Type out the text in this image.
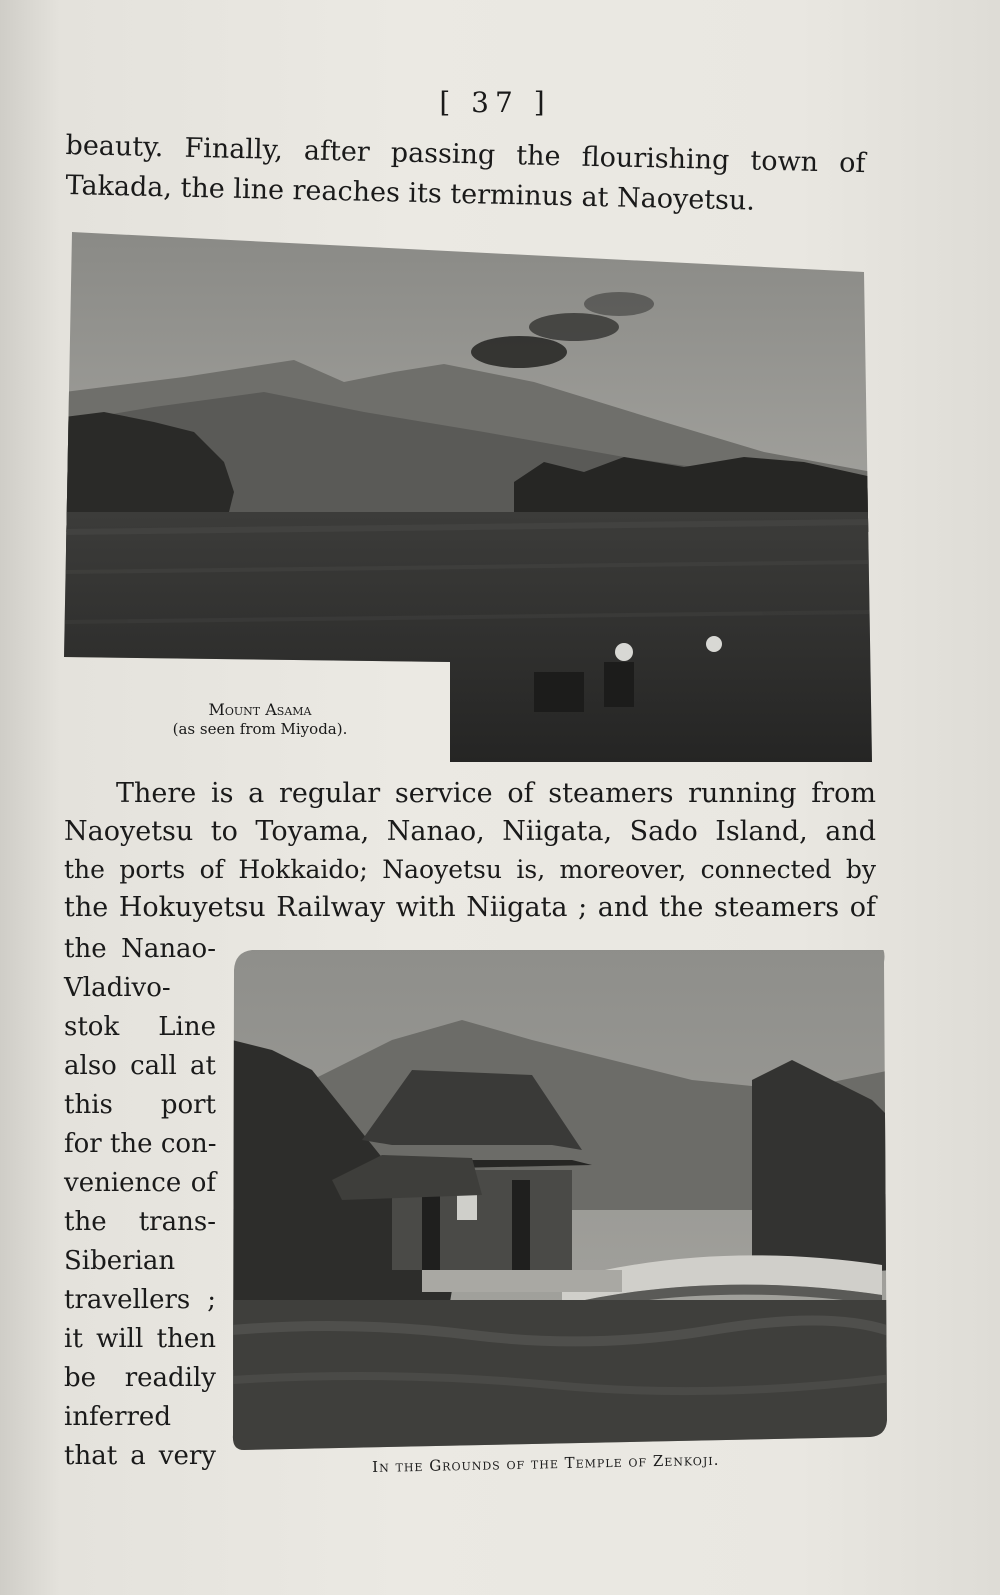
[ 37 ]
beauty. Finally, after passing the flourishing town of
Takada, the line reaches its terminus at Naoyetsu.
Mount Asama
(as seen from Miyoda).
There is a regular service of steamers running from
Naoyetsu to Toyama, Nanao, Niigata, Sado Island, and
the ports of Hokkaido; Naoyetsu is, moreover, connected by
the Hokuyetsu Railway with Niigata ; and the steamers of
the Nanao-
Vladivo-
stok Line
also call at
this port
for the con-
venience of
the trans-
Siberian
travellers ;
it will then
be readily
inferred
that a very	In the Grounds of the Temple of Zenkoji.
